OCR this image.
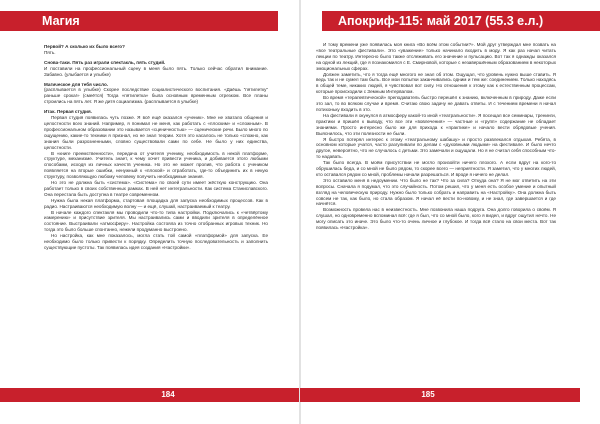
Магия

Первой? А сколько их было всего?

Пять.

Снова-таки. Пять раз играли спектакль, пять студий.

И поставили на профессиональный сцену в меня было пять. Только сейчас обратил внимание. Забавно. (улыбается и улыбке)

Магическое для тебя число.

(расплывается в улыбке) Скорее последствие социалистического воспитания. «Даёшь “пятилетку” раньше срока!» (смеётся) Тогда «пятилетка» была основным временным отрезком. Все планы строились на пять лет. Я же дитя социализма. (расплывается в улыбке)

Итак. Первая студия.

Первая студия появилась чуть позже. Я всё ещё оказался «ученик». Мне не хватало общения и целостности всех знаний. Например, я понимал не меня, как работать с «плоским» и «сложным». В профессиональном образовании это называется «сценичностью» — сценические речи. Было много по ощущению, какие-то техники я признал, но не знал теории. Хотя это касалось не только «сложно, как знания были разрозненными, словно существовали сами по себе. Не было у них единства, целостности.

В «книге преемственности», передача от учителя ученику, необходимость в некой платформе, структуре, механизме. Учитель знает, к чему хочет привести ученика, и добивается этого любыми способами, исходя из личных качеств ученика. Но это не может пролив, что работа с учеником появляется на вторые ошибки, ненужный к «плохой» и отработать, где-то объединить их в некую структуру, позволяющую любому человеку получить необходимые знания.

Но это не должна быть «система». «Система» по своей сути имеет жёсткую конструкцию. Она работает только в своих собственных рамках. В ней нет интегральности. Как система Станиславского. Она перестала быть доступна в театре современном.

Нужна была некая платформа, стартовая площадка для запуска необходимых процессов. Как в радио. Настраиваются необходимую волну — и ещё, слушай, настраиваемый к театру.

В начале каждого спектакля мы проводили что-то типа настройки. Подключались к «четвёртому измерению» и присутствие зрителя. Мы настраивались сами и вводили зрителя в определённое состояние. Выстраивали «атмосферу». Настройка состояла из точно отобранных игровых техник. Но тогда это было больше спонтанно, нежели продуманно выстроено.

Но настройка, как мне показалось, могла стать той самой «платформой» для запуска. Ее необходимо было только привести к порядку. Определить точную последовательность и заполнить существующие пустоты. Так появилась идея создания «Настройки».

184
Апокриф-115: май 2017 (55.3 е.л.)

И тому времени уже появилась моя книга «Во всём этом событии?». Мой друг утверждал мне позвать на «все театральные фестивали». Это «уважение» только начинало входить в моду. Я как раз начал читать лекции по театру. Интересно было также отслеживать его значение и пульсацию. Вот так я однажды оказался на одной из лекций, где я познакомился с Е. Смирновой, которые с незавершённым образованием в некоторых эмоциональных сферах.

Должен заметить, что я тогда ещё многого не знал об этом. Ощущал, что уровень нужно выше ставить. Я ведь так и не сумел там быть. Все мои попытки заканчивались одним и тем же: соединением. Только находясь в общей теме, никаких людей, я чувствовал вот силу. Но отношения к этому как к естественным процессам, которые происходили с Земным Интервалом.

Во время «терапевтической» преподаватель быстро перешёл к знанию, включенным в природу. Даже если это зал, то во всяком случае и время. Считаю свою задачу не давать ответы. И с течением времени я начал потихоньку входить в это.

На фестивали я окунулся в атмосферу какой-то иной «театральности». Я посещал все семинары, тренинги, практики и пришёл к выводу, что все эти «вовлечения» — частные и «групп» содержание не обладает знаниями. Просто интересно было же для прихода к «практике» и начало вести обрядовые учения. Выяснилось, что эти полезности не были.

Я быстро потерял интерес к этому «театральному шабашу» и просто развлекался отдыхая. Ребята, в основном которые учатся, часто разгуливали по делам с «духовными людьми» на фестивале. И было нечто другое, невероятно, что не случалось с детьми. Это замечали и ощущали. Но я не считал себя способным что-то надавать.

Так было всегда. В моём присутствии не могло произойти ничего плохого. А если вдруг на кого-то обрушилась беда, и со мной не было рядом, то скорее всего — неприятности. Я заметил, что у многих людей, кто оставался рядом со мной, проблемы начали разрешаться. И вроде я ничего не делал.

Это оставило меня в недоумении. Что было не так? Что за сила? Откуда она? Я не мог ответить на эти вопросы. Сначала я подумал, что это случайность. Потом решил, что у меня есть особое умение и опытный взгляд на человеческую природу. Нужно было только собрать и направить на «Настройку». Она должна быть совсем не так, как было, но стала образом. Я начал её вести по-новому, и не знал, где завершается и где начнётся.

Возможность провела нас в неизвестность. Мне позвонила наша подруга. Она долго говорила о своём. Я слушал, но одновременно вспоминал всё: где я был, что со мной было, кого я видел, и вдруг ощутил нечто. Не могу описать это иначе. Это было что-то очень личное и глубокое. И тогда всё стало на свои места. Вот так появилась «Настройка».

185
